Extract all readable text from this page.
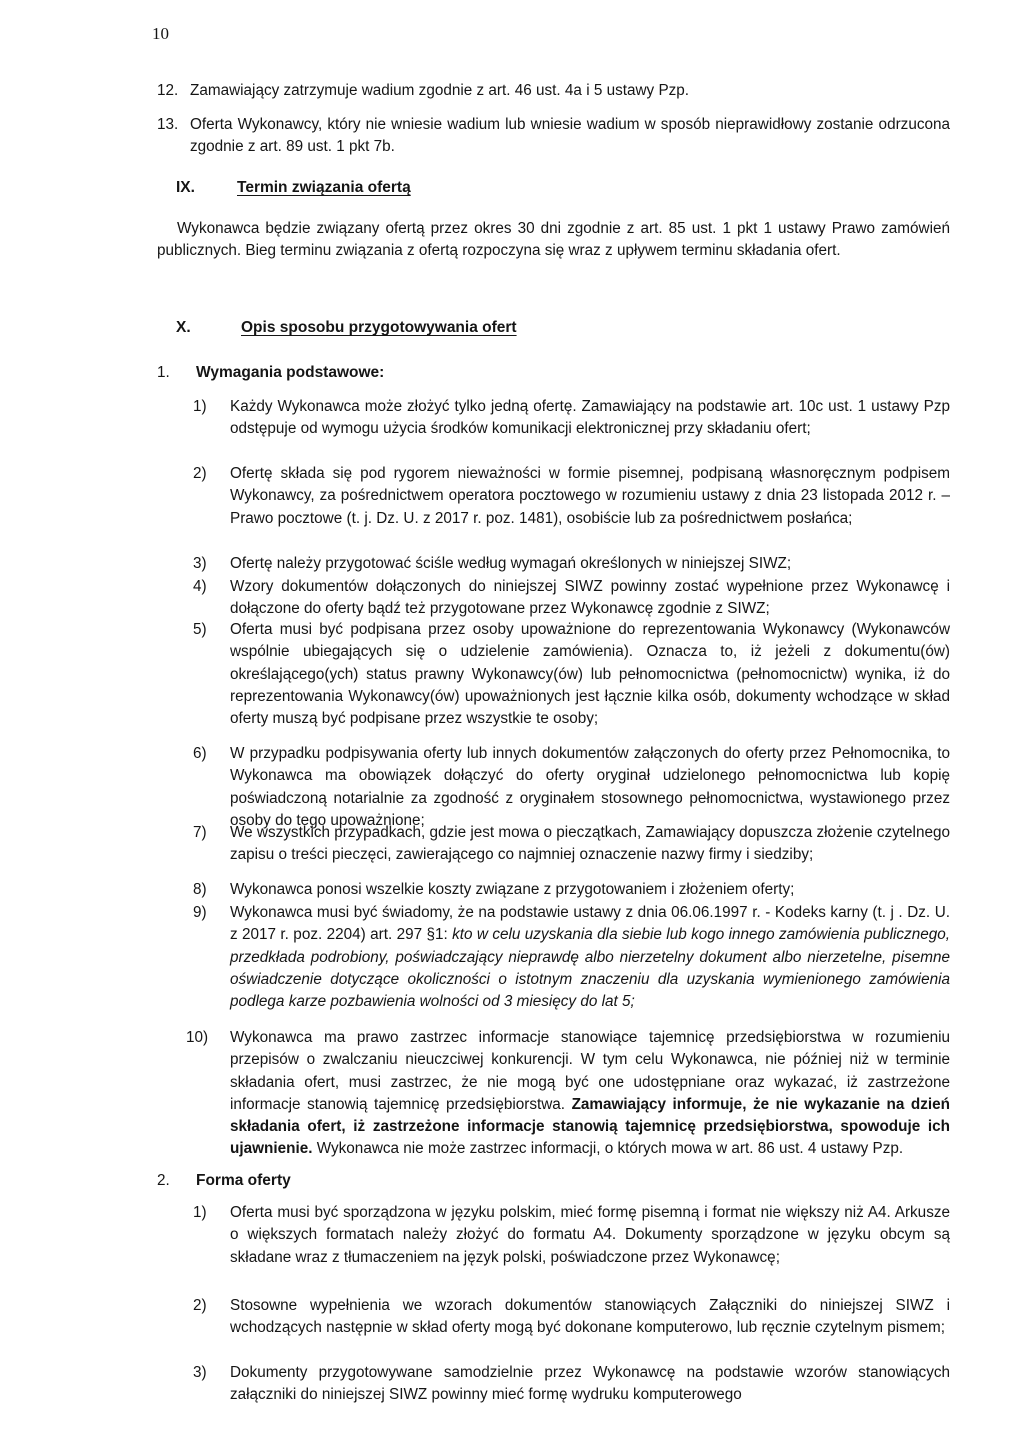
10
12. Zamawiający zatrzymuje wadium zgodnie z art. 46 ust. 4a i 5 ustawy Pzp.

13. Oferta Wykonawcy, który nie wniesie wadium lub wniesie wadium w sposób nieprawidłowy zostanie odrzucona zgodnie z art. 89 ust. 1 pkt 7b.

IX.	Termin związania ofertą

Wykonawca będzie związany ofertą przez okres 30 dni zgodnie z art. 85 ust. 1 pkt 1 ustawy Prawo zamówień publicznych. Bieg terminu związania z ofertą rozpoczyna się wraz z upływem terminu składania ofert.

X.	Opis sposobu przygotowywania ofert
1. Wymagania podstawowe:
1) Każdy Wykonawca może złożyć tylko jedną ofertę. Zamawiający na podstawie art. 10c ust. 1 ustawy Pzp odstępuje od wymogu użycia środków komunikacji elektronicznej przy składaniu ofert;

2) Ofertę składa się pod rygorem nieważności w formie pisemnej, podpisaną własnoręcznym podpisem Wykonawcy, za pośrednictwem operatora pocztowego w rozumieniu ustawy z dnia 23 listopada 2012 r. – Prawo pocztowe (t. j. Dz. U. z 2017 r. poz. 1481), osobiście lub za pośrednictwem posłańca;

3) Ofertę należy przygotować ściśle według wymagań określonych w niniejszej SIWZ;

4) Wzory dokumentów dołączonych do niniejszej SIWZ powinny zostać wypełnione przez Wykonawcę i dołączone do oferty bądź też przygotowane przez Wykonawcę zgodnie z SIWZ;

5) Oferta musi być podpisana przez osoby upoważnione do reprezentowania Wykonawcy (Wykonawców wspólnie ubiegających się o udzielenie zamówienia). Oznacza to, iż jeżeli z dokumentu(ów) określającego(ych) status prawny Wykonawcy(ów) lub pełnomocnictwa (pełnomocnictw) wynika, iż do reprezentowania Wykonawcy(ów) upoważnionych jest łącznie kilka osób, dokumenty wchodzące w skład oferty muszą być podpisane przez wszystkie te osoby;

6) W przypadku podpisywania oferty lub innych dokumentów załączonych do oferty przez Pełnomocnika, to Wykonawca ma obowiązek dołączyć do oferty oryginał udzielonego pełnomocnictwa lub kopię poświadczoną notarialnie za zgodność z oryginałem stosownego pełnomocnictwa, wystawionego przez osoby do tego upoważnione;

7) We wszystkich przypadkach, gdzie jest mowa o pieczątkach, Zamawiający dopuszcza złożenie czytelnego zapisu o treści pieczęci, zawierającego co najmniej oznaczenie nazwy firmy i siedziby;

8) Wykonawca ponosi wszelkie koszty związane z przygotowaniem i złożeniem oferty;

9) Wykonawca musi być świadomy, że na podstawie ustawy z dnia 06.06.1997 r. - Kodeks karny (t. j . Dz. U. z 2017 r. poz. 2204) art. 297 §1: kto w celu uzyskania dla siebie lub kogo innego zamówienia publicznego, przedkłada podrobiony, poświadczający nieprawdę albo nierzetelny dokument albo nierzetelne, pisemne oświadczenie dotyczące okoliczności o istotnym znaczeniu dla uzyskania wymienionego zamówienia podlega karze pozbawienia wolności od 3 miesięcy do lat 5;

10) Wykonawca ma prawo zastrzec informacje stanowiące tajemnicę przedsiębiorstwa w rozumieniu przepisów o zwalczaniu nieuczciwej konkurencji. W tym celu Wykonawca, nie później niż w terminie składania ofert, musi zastrzec, że nie mogą być one udostępniane oraz wykazać, iż zastrzeżone informacje stanowią tajemnicę przedsiębiorstwa. Zamawiający informuje, że nie wykazanie na dzień składania ofert, iż zastrzeżone informacje stanowią tajemnicę przedsiębiorstwa, spowoduje ich ujawnienie. Wykonawca nie może zastrzec informacji, o których mowa w art. 86 ust. 4 ustawy Pzp.

2. Forma oferty
1) Oferta musi być sporządzona w języku polskim, mieć formę pisemną i format nie większy niż A4. Arkusze o większych formatach należy złożyć do formatu A4. Dokumenty sporządzone w języku obcym są składane wraz z tłumaczeniem na język polski, poświadczone przez Wykonawcę;

2) Stosowne wypełnienia we wzorach dokumentów stanowiących Załączniki do niniejszej SIWZ i wchodzących następnie w skład oferty mogą być dokonane komputerowo, lub ręcznie czytelnym pismem;

3) Dokumenty przygotowywane samodzielnie przez Wykonawcę na podstawie wzorów stanowiących załączniki do niniejszej SIWZ powinny mieć formę wydruku komputerowego
